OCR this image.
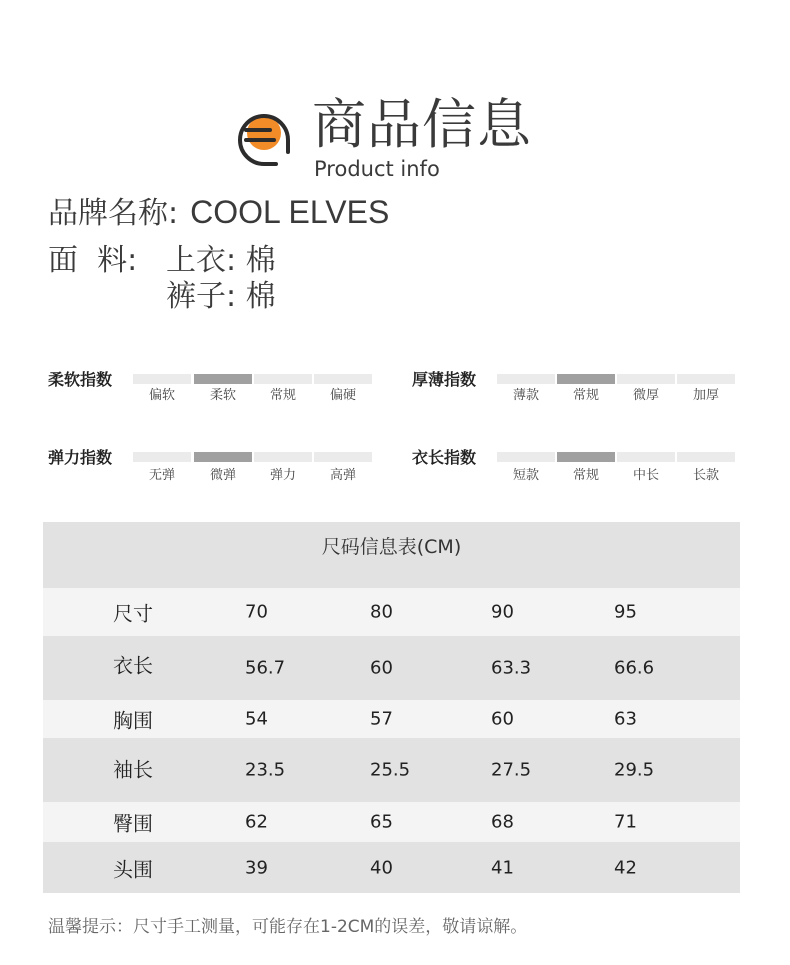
商品信息
Product info
品牌名称: COOL ELVES
面  料: 上衣: 棉
裤子: 棉
柔软指数
偏软	柔软	常规	偏硬
厚薄指数
薄款	常规	微厚	加厚
弹力指数
无弹	微弹	弹力	高弹
衣长指数
短款	常规	中长	长款
尺码信息表(CM)
尺寸	70	80	90	95
衣长	56.7	60	63.3	66.6
胸围	54	57	60	63
袖长	23.5	25.5	27.5	29.5
臀围	62	65	68	71
头围	39	40	41	42
温馨提示：尺寸手工测量，可能存在1-2CM的误差，敬请谅解。
